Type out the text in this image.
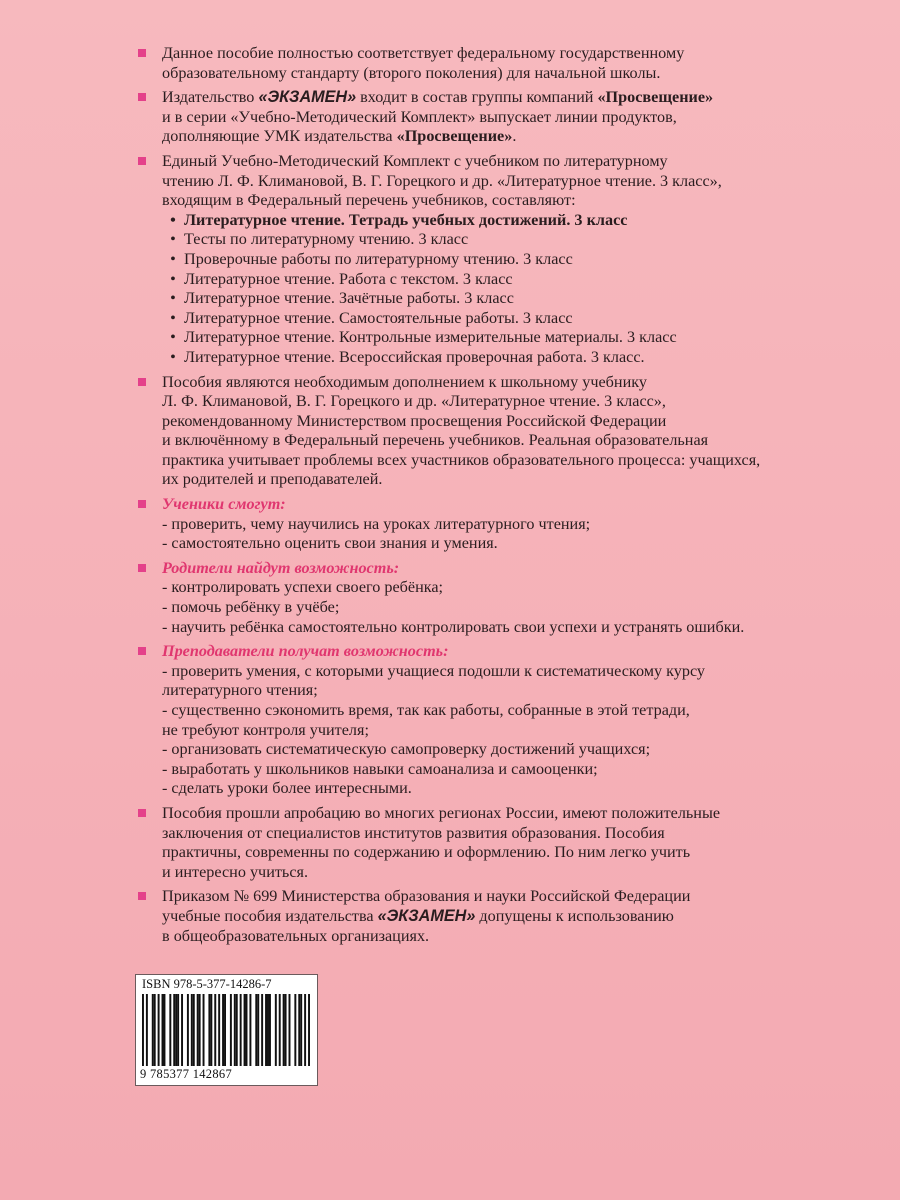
Данное пособие полностью соответствует федеральному государственному
образовательному стандарту (второго поколения) для начальной школы.
Издательство «ЭКЗАМЕН» входит в состав группы компаний «Просвещение»
и в серии «Учебно-Методический Комплект» выпускает линии продуктов,
дополняющие УМК издательства «Просвещение».
Единый Учебно-Методический Комплект с учебником по литературному
чтению Л. Ф. Климановой, В. Г. Горецкого и др. «Литературное чтение. 3 класс»,
входящим в Федеральный перечень учебников, составляют:
• Литературное чтение. Тетрадь учебных достижений. 3 класс
• Тесты по литературному чтению. 3 класс
• Проверочные работы по литературному чтению. 3 класс
• Литературное чтение. Работа с текстом. 3 класс
• Литературное чтение. Зачётные работы. 3 класс
• Литературное чтение. Самостоятельные работы. 3 класс
• Литературное чтение. Контрольные измерительные материалы. 3 класс
• Литературное чтение. Всероссийская проверочная работа. 3 класс.
Пособия являются необходимым дополнением к школьному учебнику
Л. Ф. Климановой, В. Г. Горецкого и др. «Литературное чтение. 3 класс»,
рекомендованному Министерством просвещения Российской Федерации
и включённому в Федеральный перечень учебников. Реальная образовательная
практика учитывает проблемы всех участников образовательного процесса: учащихся,
их родителей и преподавателей.
Ученики смогут:
- проверить, чему научились на уроках литературного чтения;
- самостоятельно оценить свои знания и умения.
Родители найдут возможность:
- контролировать успехи своего ребёнка;
- помочь ребёнку в учёбе;
- научить ребёнка самостоятельно контролировать свои успехи и устранять ошибки.
Преподаватели получат возможность:
- проверить умения, с которыми учащиеся подошли к систематическому курсу
литературного чтения;
- существенно сэкономить время, так как работы, собранные в этой тетради,
не требуют контроля учителя;
- организовать систематическую самопроверку достижений учащихся;
- выработать у школьников навыки самоанализа и самооценки;
- сделать уроки более интересными.
Пособия прошли апробацию во многих регионах России, имеют положительные
заключения от специалистов институтов развития образования. Пособия
практичны, современны по содержанию и оформлению. По ним легко учить
и интересно учиться.
Приказом № 699 Министерства образования и науки Российской Федерации
учебные пособия издательства «ЭКЗАМЕН» допущены к использованию
в общеобразовательных организациях.
ISBN 978-5-377-14286-7
9 785377 142867
